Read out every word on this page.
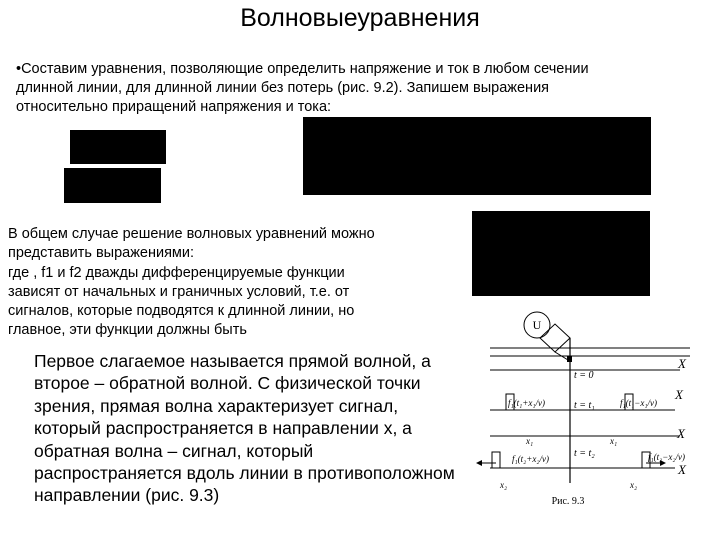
Волновыеуравнения
•Составим уравнения, позволяющие определить напряжение и ток в любом сечении
длинной линии, для длинной линии без потерь (рис. 9.2). Запишем выражения
относительно приращений напряжения и тока:
В общем случае решение волновых уравнений можно
представить выражениями:
где , f1 и f2 дважды дифференцируемые функции
зависят от начальных и граничных условий, т.е. от
сигналов, которые подводятся к длинной линии, но
главное, эти функции должны быть
Первое слагаемое называется прямой волной, а
второе – обратной волной. С физической точки
зрения, прямая волна характеризует сигнал,
который распространяется в направлении х, а
обратная волна – сигнал, который
распространяется вдоль линии в противоположном
направлении (рис. 9.3)
U
X
t = 0
f₁(t₁+x₁/v)	t = t₁	f₁(t₁−x₁/v)
X
x₁	x₁	X
f₁(t₂+x₂/v)	t = t₂	f₁(t₂−x₂/v)
X
x₂	x₂
Рис. 9.3
